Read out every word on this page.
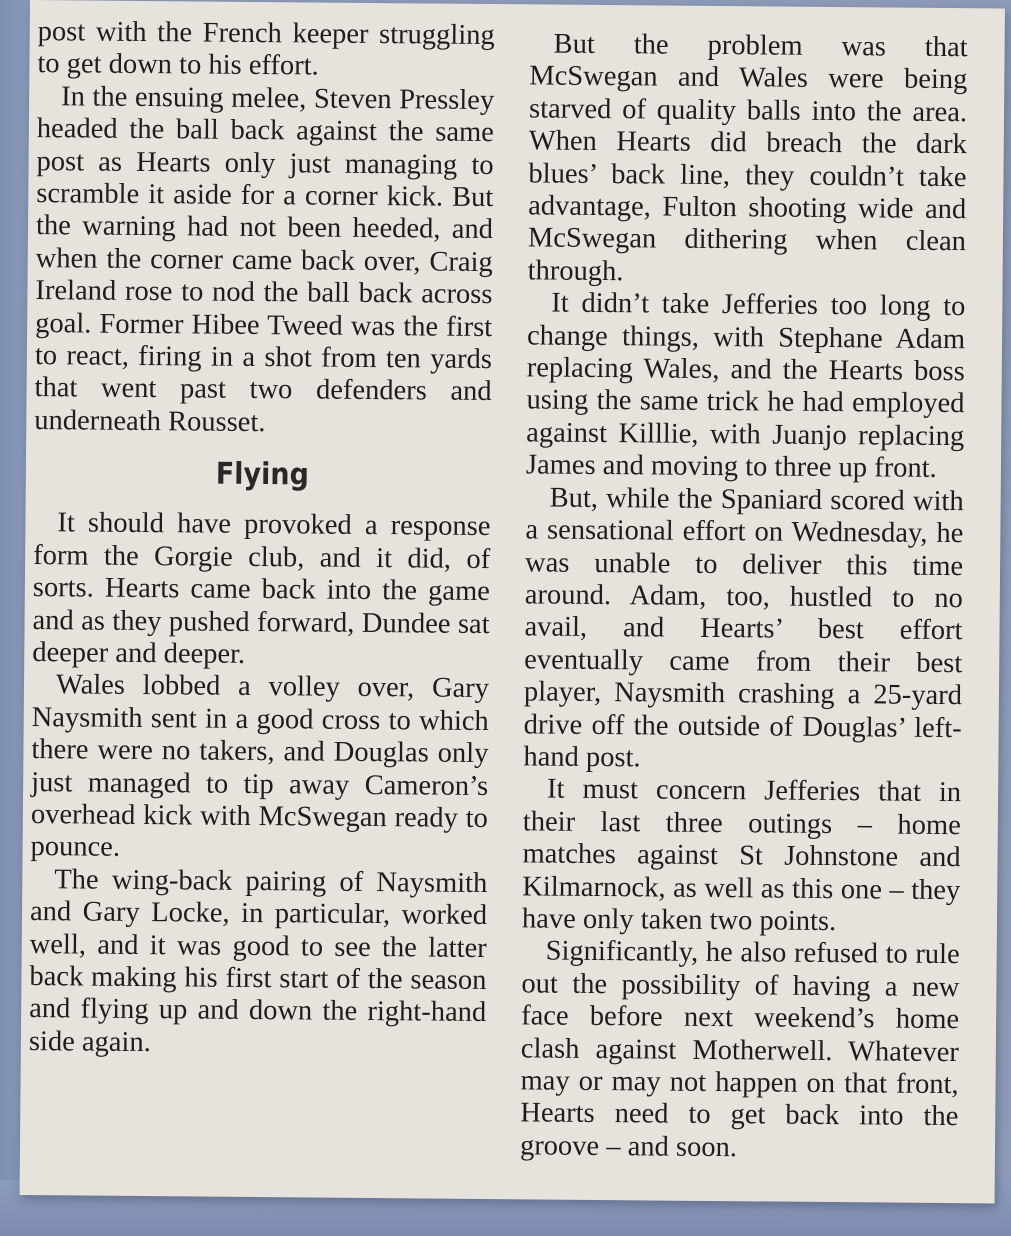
post with the French keeper struggling to get down to his effort.

In the ensuing melee, Steven Pressley headed the ball back against the same post as Hearts only just managing to scramble it aside for a corner kick. But the warning had not been heeded, and when the corner came back over, Craig Ireland rose to nod the ball back across goal. Former Hibee Tweed was the first to react, firing in a shot from ten yards that went past two defenders and underneath Rousset.

Flying

It should have provoked a response form the Gorgie club, and it did, of sorts. Hearts came back into the game and as they pushed forward, Dundee sat deeper and deeper.

Wales lobbed a volley over, Gary Naysmith sent in a good cross to which there were no takers, and Douglas only just managed to tip away Cameron’s overhead kick with McSwegan ready to pounce.

The wing-back pairing of Naysmith and Gary Locke, in particular, worked well, and it was good to see the latter back making his first start of the season and flying up and down the right-hand side again.

But the problem was that McSwegan and Wales were being starved of quality balls into the area. When Hearts did breach the dark blues’ back line, they couldn’t take advantage, Fulton shooting wide and McSwegan dithering when clean through.

It didn’t take Jefferies too long to change things, with Stephane Adam replacing Wales, and the Hearts boss using the same trick he had employed against Killlie, with Juanjo replacing James and moving to three up front.

But, while the Spaniard scored with a sensational effort on Wednesday, he was unable to deliver this time around. Adam, too, hustled to no avail, and Hearts’ best effort eventually came from their best player, Naysmith crashing a 25-yard drive off the outside of Douglas’ left-hand post.

It must concern Jefferies that in their last three outings – home matches against St Johnstone and Kilmarnock, as well as this one – they have only taken two points.

Significantly, he also refused to rule out the possibility of having a new face before next weekend’s home clash against Motherwell. Whatever may or may not happen on that front, Hearts need to get back into the groove – and soon.
